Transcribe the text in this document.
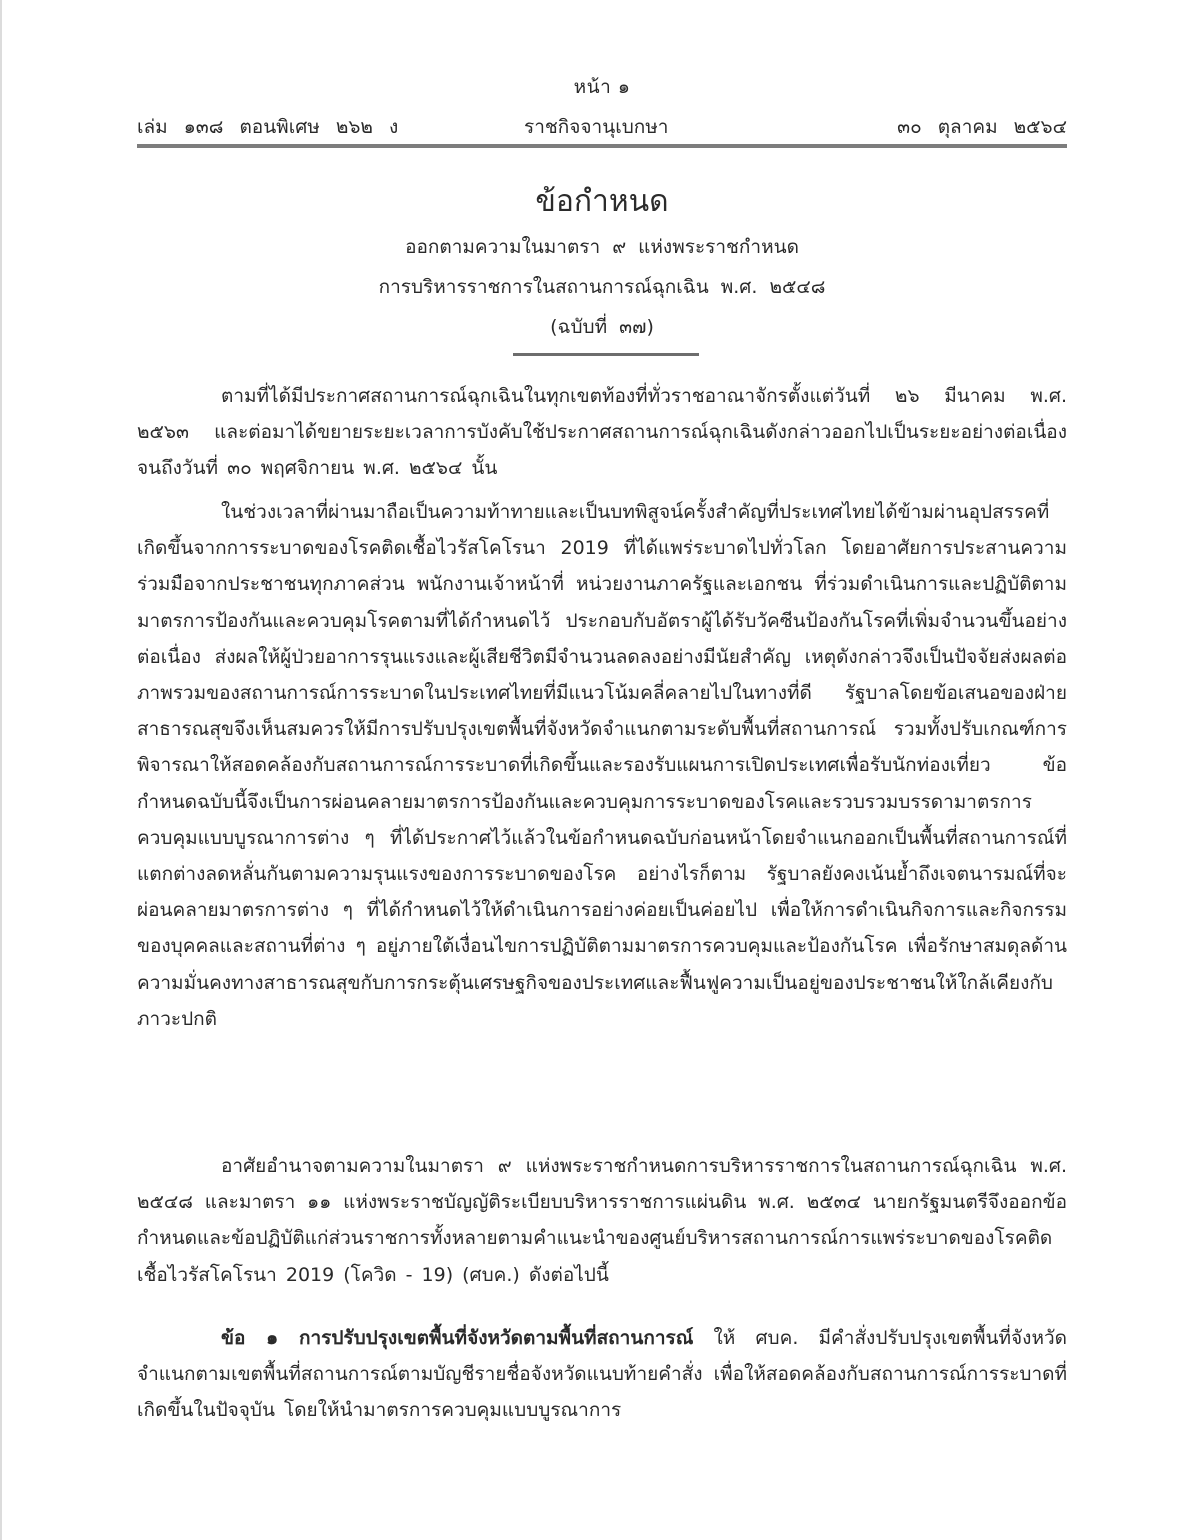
หน้า ๑
เล่ม ๑๓๘ ตอนพิเศษ ๒๖๒ ง	ราชกิจจานุเบกษา	๓๐ ตุลาคม ๒๕๖๔
ข้อกำหนด
ออกตามความในมาตรา ๙ แห่งพระราชกำหนด
การบริหารราชการในสถานการณ์ฉุกเฉิน พ.ศ. ๒๕๔๘
(ฉบับที่ ๓๗)

ตามที่ได้มีประกาศสถานการณ์ฉุกเฉินในทุกเขตท้องที่ทั่วราชอาณาจักรตั้งแต่วันที่ ๒๖ มีนาคม พ.ศ. ๒๕๖๓ และต่อมาได้ขยายระยะเวลาการบังคับใช้ประกาศสถานการณ์ฉุกเฉินดังกล่าวออกไปเป็นระยะอย่างต่อเนื่องจนถึงวันที่ ๓๐ พฤศจิกายน พ.ศ. ๒๕๖๔ นั้น

ในช่วงเวลาที่ผ่านมาถือเป็นความท้าทายและเป็นบทพิสูจน์ครั้งสำคัญที่ประเทศไทยได้ข้ามผ่านอุปสรรคที่เกิดขึ้นจากการระบาดของโรคติดเชื้อไวรัสโคโรนา 2019 ที่ได้แพร่ระบาดไปทั่วโลก โดยอาศัยการประสานความร่วมมือจากประชาชนทุกภาคส่วน พนักงานเจ้าหน้าที่ หน่วยงานภาครัฐและเอกชน ที่ร่วมดำเนินการและปฏิบัติตามมาตรการป้องกันและควบคุมโรคตามที่ได้กำหนดไว้ ประกอบกับอัตราผู้ได้รับวัคซีนป้องกันโรคที่เพิ่มจำนวนขึ้นอย่างต่อเนื่อง ส่งผลให้ผู้ป่วยอาการรุนแรงและผู้เสียชีวิตมีจำนวนลดลงอย่างมีนัยสำคัญ เหตุดังกล่าวจึงเป็นปัจจัยส่งผลต่อภาพรวมของสถานการณ์การระบาดในประเทศไทยที่มีแนวโน้มคลี่คลายไปในทางที่ดี รัฐบาลโดยข้อเสนอของฝ่ายสาธารณสุขจึงเห็นสมควรให้มีการปรับปรุงเขตพื้นที่จังหวัดจำแนกตามระดับพื้นที่สถานการณ์ รวมทั้งปรับเกณฑ์การพิจารณาให้สอดคล้องกับสถานการณ์การระบาดที่เกิดขึ้นและรองรับแผนการเปิดประเทศเพื่อรับนักท่องเที่ยว ข้อกำหนดฉบับนี้จึงเป็นการผ่อนคลายมาตรการป้องกันและควบคุมการระบาดของโรคและรวบรวมบรรดามาตรการควบคุมแบบบูรณาการต่าง ๆ ที่ได้ประกาศไว้แล้วในข้อกำหนดฉบับก่อนหน้าโดยจำแนกออกเป็นพื้นที่สถานการณ์ที่แตกต่างลดหลั่นกันตามความรุนแรงของการระบาดของโรค อย่างไรก็ตาม รัฐบาลยังคงเน้นย้ำถึงเจตนารมณ์ที่จะผ่อนคลายมาตรการต่าง ๆ ที่ได้กำหนดไว้ให้ดำเนินการอย่างค่อยเป็นค่อยไป เพื่อให้การดำเนินกิจการและกิจกรรมของบุคคลและสถานที่ต่าง ๆ อยู่ภายใต้เงื่อนไขการปฏิบัติตามมาตรการควบคุมและป้องกันโรค เพื่อรักษาสมดุลด้านความมั่นคงทางสาธารณสุขกับการกระตุ้นเศรษฐกิจของประเทศและฟื้นฟูความเป็นอยู่ของประชาชนให้ใกล้เคียงกับภาวะปกติ

อาศัยอำนาจตามความในมาตรา ๙ แห่งพระราชกำหนดการบริหารราชการในสถานการณ์ฉุกเฉิน พ.ศ. ๒๕๔๘ และมาตรา ๑๑ แห่งพระราชบัญญัติระเบียบบริหารราชการแผ่นดิน พ.ศ. ๒๕๓๔ นายกรัฐมนตรีจึงออกข้อกำหนดและข้อปฏิบัติแก่ส่วนราชการทั้งหลายตามคำแนะนำของศูนย์บริหารสถานการณ์การแพร่ระบาดของโรคติดเชื้อไวรัสโคโรนา 2019 (โควิด - 19) (ศบค.) ดังต่อไปนี้

ข้อ ๑ การปรับปรุงเขตพื้นที่จังหวัดตามพื้นที่สถานการณ์ ให้ ศบค. มีคำสั่งปรับปรุงเขตพื้นที่จังหวัดจำแนกตามเขตพื้นที่สถานการณ์ตามบัญชีรายชื่อจังหวัดแนบท้ายคำสั่ง เพื่อให้สอดคล้องกับสถานการณ์การระบาดที่เกิดขึ้นในปัจจุบัน โดยให้นำมาตรการควบคุมแบบบูรณาการ
